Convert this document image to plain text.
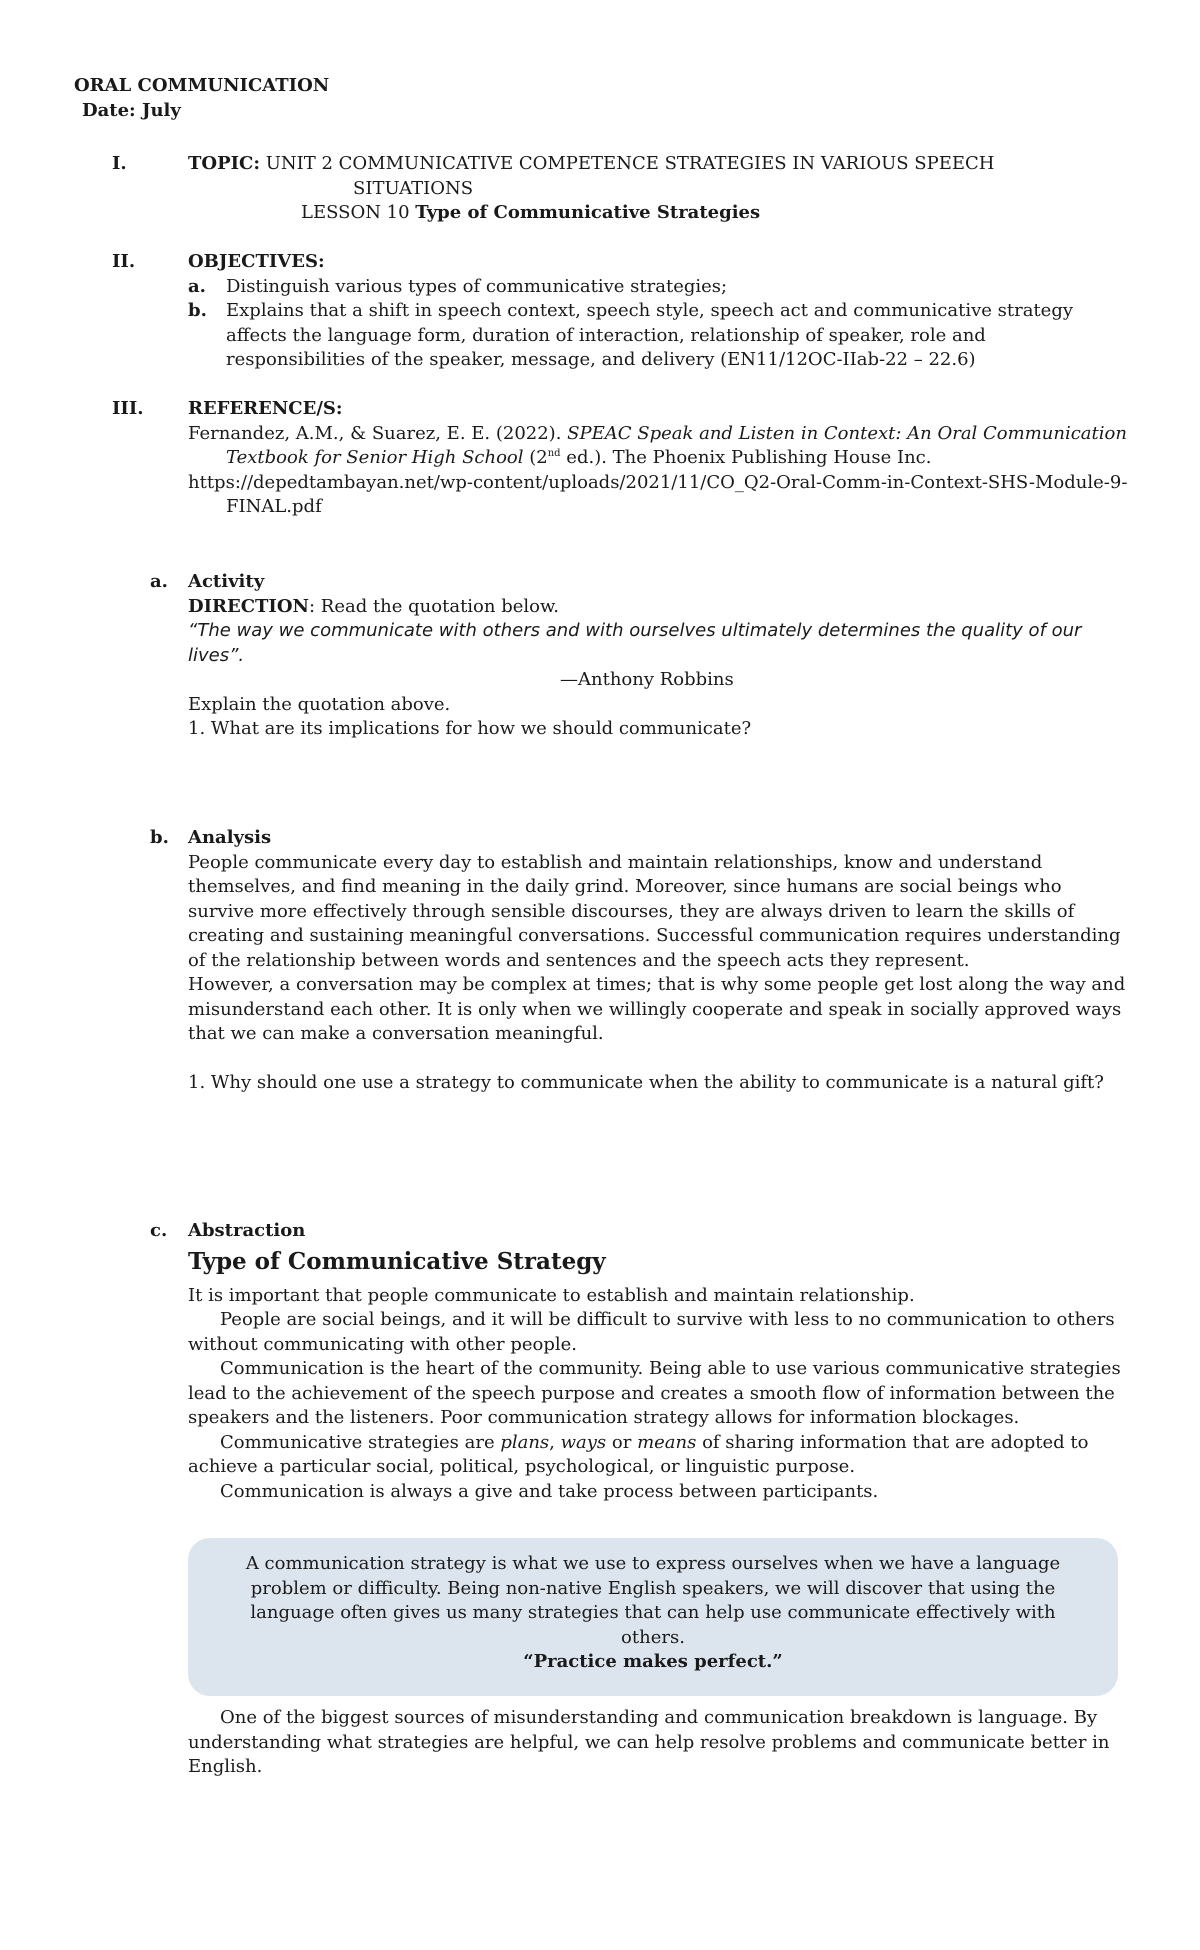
ORAL COMMUNICATION
Date: July
I.	TOPIC: UNIT 2 COMMUNICATIVE COMPETENCE STRATEGIES IN VARIOUS SPEECH
SITUATIONS
LESSON 10 Type of Communicative Strategies
II.	OBJECTIVES:
a. Distinguish various types of communicative strategies;
b. Explains that a shift in speech context, speech style, speech act and communicative strategy affects the language form, duration of interaction, relationship of speaker, role and responsibilities of the speaker, message, and delivery (EN11/12OC-IIab-22 – 22.6)
III. REFERENCE/S:

Fernandez, A.M., & Suarez, E. E. (2022). SPEAC Speak and Listen in Context: An Oral Communication Textbook for Senior High School (2nd ed.). The Phoenix Publishing House Inc.

https://depedtambayan.net/wp-content/uploads/2021/11/CO_Q2-Oral-Comm-in-Context-SHS-Module-9-FINAL.pdf

a. Activity
DIRECTION: Read the quotation below.

“The way we communicate with others and with ourselves ultimately determines the quality of our lives”.

—Anthony Robbins
Explain the quotation above.
1. What are its implications for how we should communicate?
b. Analysis

People communicate every day to establish and maintain relationships, know and understand themselves, and find meaning in the daily grind. Moreover, since humans are social beings who survive more effectively through sensible discourses, they are always driven to learn the skills of creating and sustaining meaningful conversations. Successful communication requires understanding of the relationship between words and sentences and the speech acts they represent.

However, a conversation may be complex at times; that is why some people get lost along the way and misunderstand each other. It is only when we willingly cooperate and speak in socially approved ways that we can make a conversation meaningful.

1. Why should one use a strategy to communicate when the ability to communicate is a natural gift?

c. Abstraction
Type of Communicative Strategy

It is important that people communicate to establish and maintain relationship.

People are social beings, and it will be difficult to survive with less to no communication to others without communicating with other people.

Communication is the heart of the community. Being able to use various communicative strategies lead to the achievement of the speech purpose and creates a smooth flow of information between the speakers and the listeners. Poor communication strategy allows for information blockages.

Communicative strategies are plans, ways or means of sharing information that are adopted to achieve a particular social, political, psychological, or linguistic purpose.

Communication is always a give and take process between participants.

A communication strategy is what we use to express ourselves when we have a language problem or difficulty. Being non-native English speakers, we will discover that using the language often gives us many strategies that can help use communicate effectively with others.

“Practice makes perfect.”

One of the biggest sources of misunderstanding and communication breakdown is language. By understanding what strategies are helpful, we can help resolve problems and communicate better in English.
